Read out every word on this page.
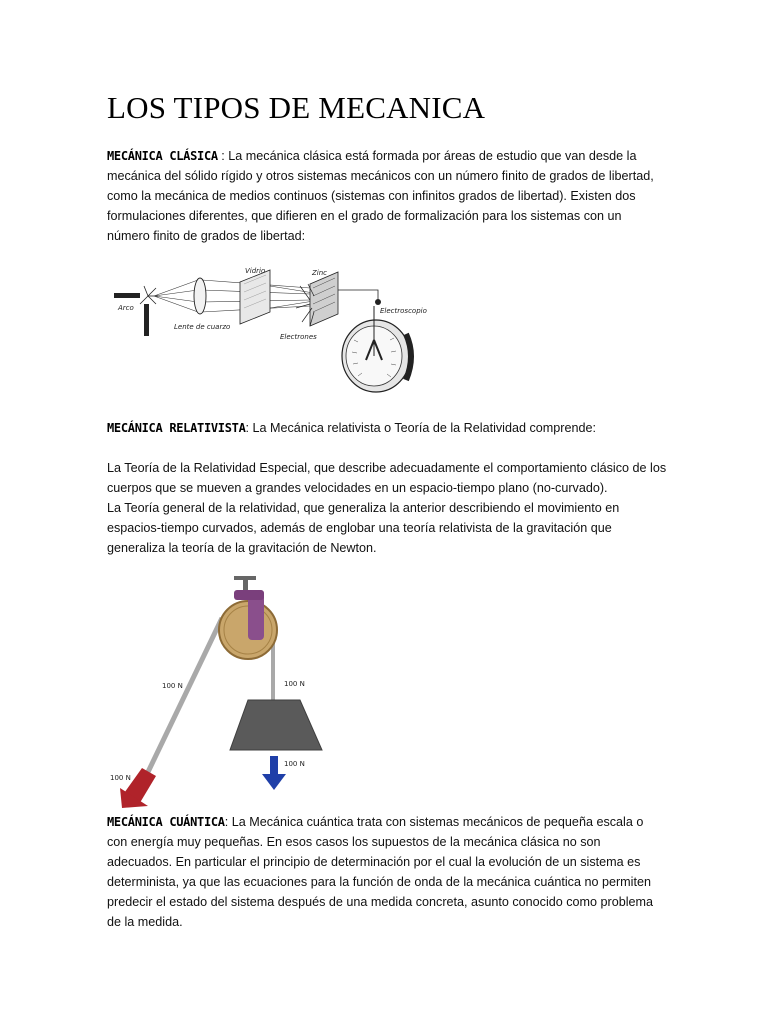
LOS TIPOS DE MECANICA

MECÁNICA CLÁSICA : La mecánica clásica está formada por áreas de estudio que van desde la mecánica del sólido rígido y otros sistemas mecánicos con un número finito de grados de libertad, como la mecánica de medios continuos (sistemas con infinitos grados de libertad). Existen dos formulaciones diferentes, que difieren en el grado de formalización para los sistemas con un número finito de grados de libertad:

Vidrio	Zinc
Arco
Lente de cuarzo
Electrones
Electroscopio

MECÁNICA RELATIVISTA: La Mecánica relativista o Teoría de la Relatividad comprende:

La Teoría de la Relatividad Especial, que describe adecuadamente el comportamiento clásico de los cuerpos que se mueven a grandes velocidades en un espacio-tiempo plano (no-curvado).

La Teoría general de la relatividad, que generaliza la anterior describiendo el movimiento en espacios-tiempo curvados, además de englobar una teoría relativista de la gravitación que generaliza la teoría de la gravitación de Newton.

100 N	100 N
100 N
100 N

MECÁNICA CUÁNTICA: La Mecánica cuántica trata con sistemas mecánicos de pequeña escala o con energía muy pequeñas. En esos casos los supuestos de la mecánica clásica no son adecuados. En particular el principio de determinación por el cual la evolución de un sistema es determinista, ya que las ecuaciones para la función de onda de la mecánica cuántica no permiten predecir el estado del sistema después de una medida concreta, asunto conocido como problema de la medida.
